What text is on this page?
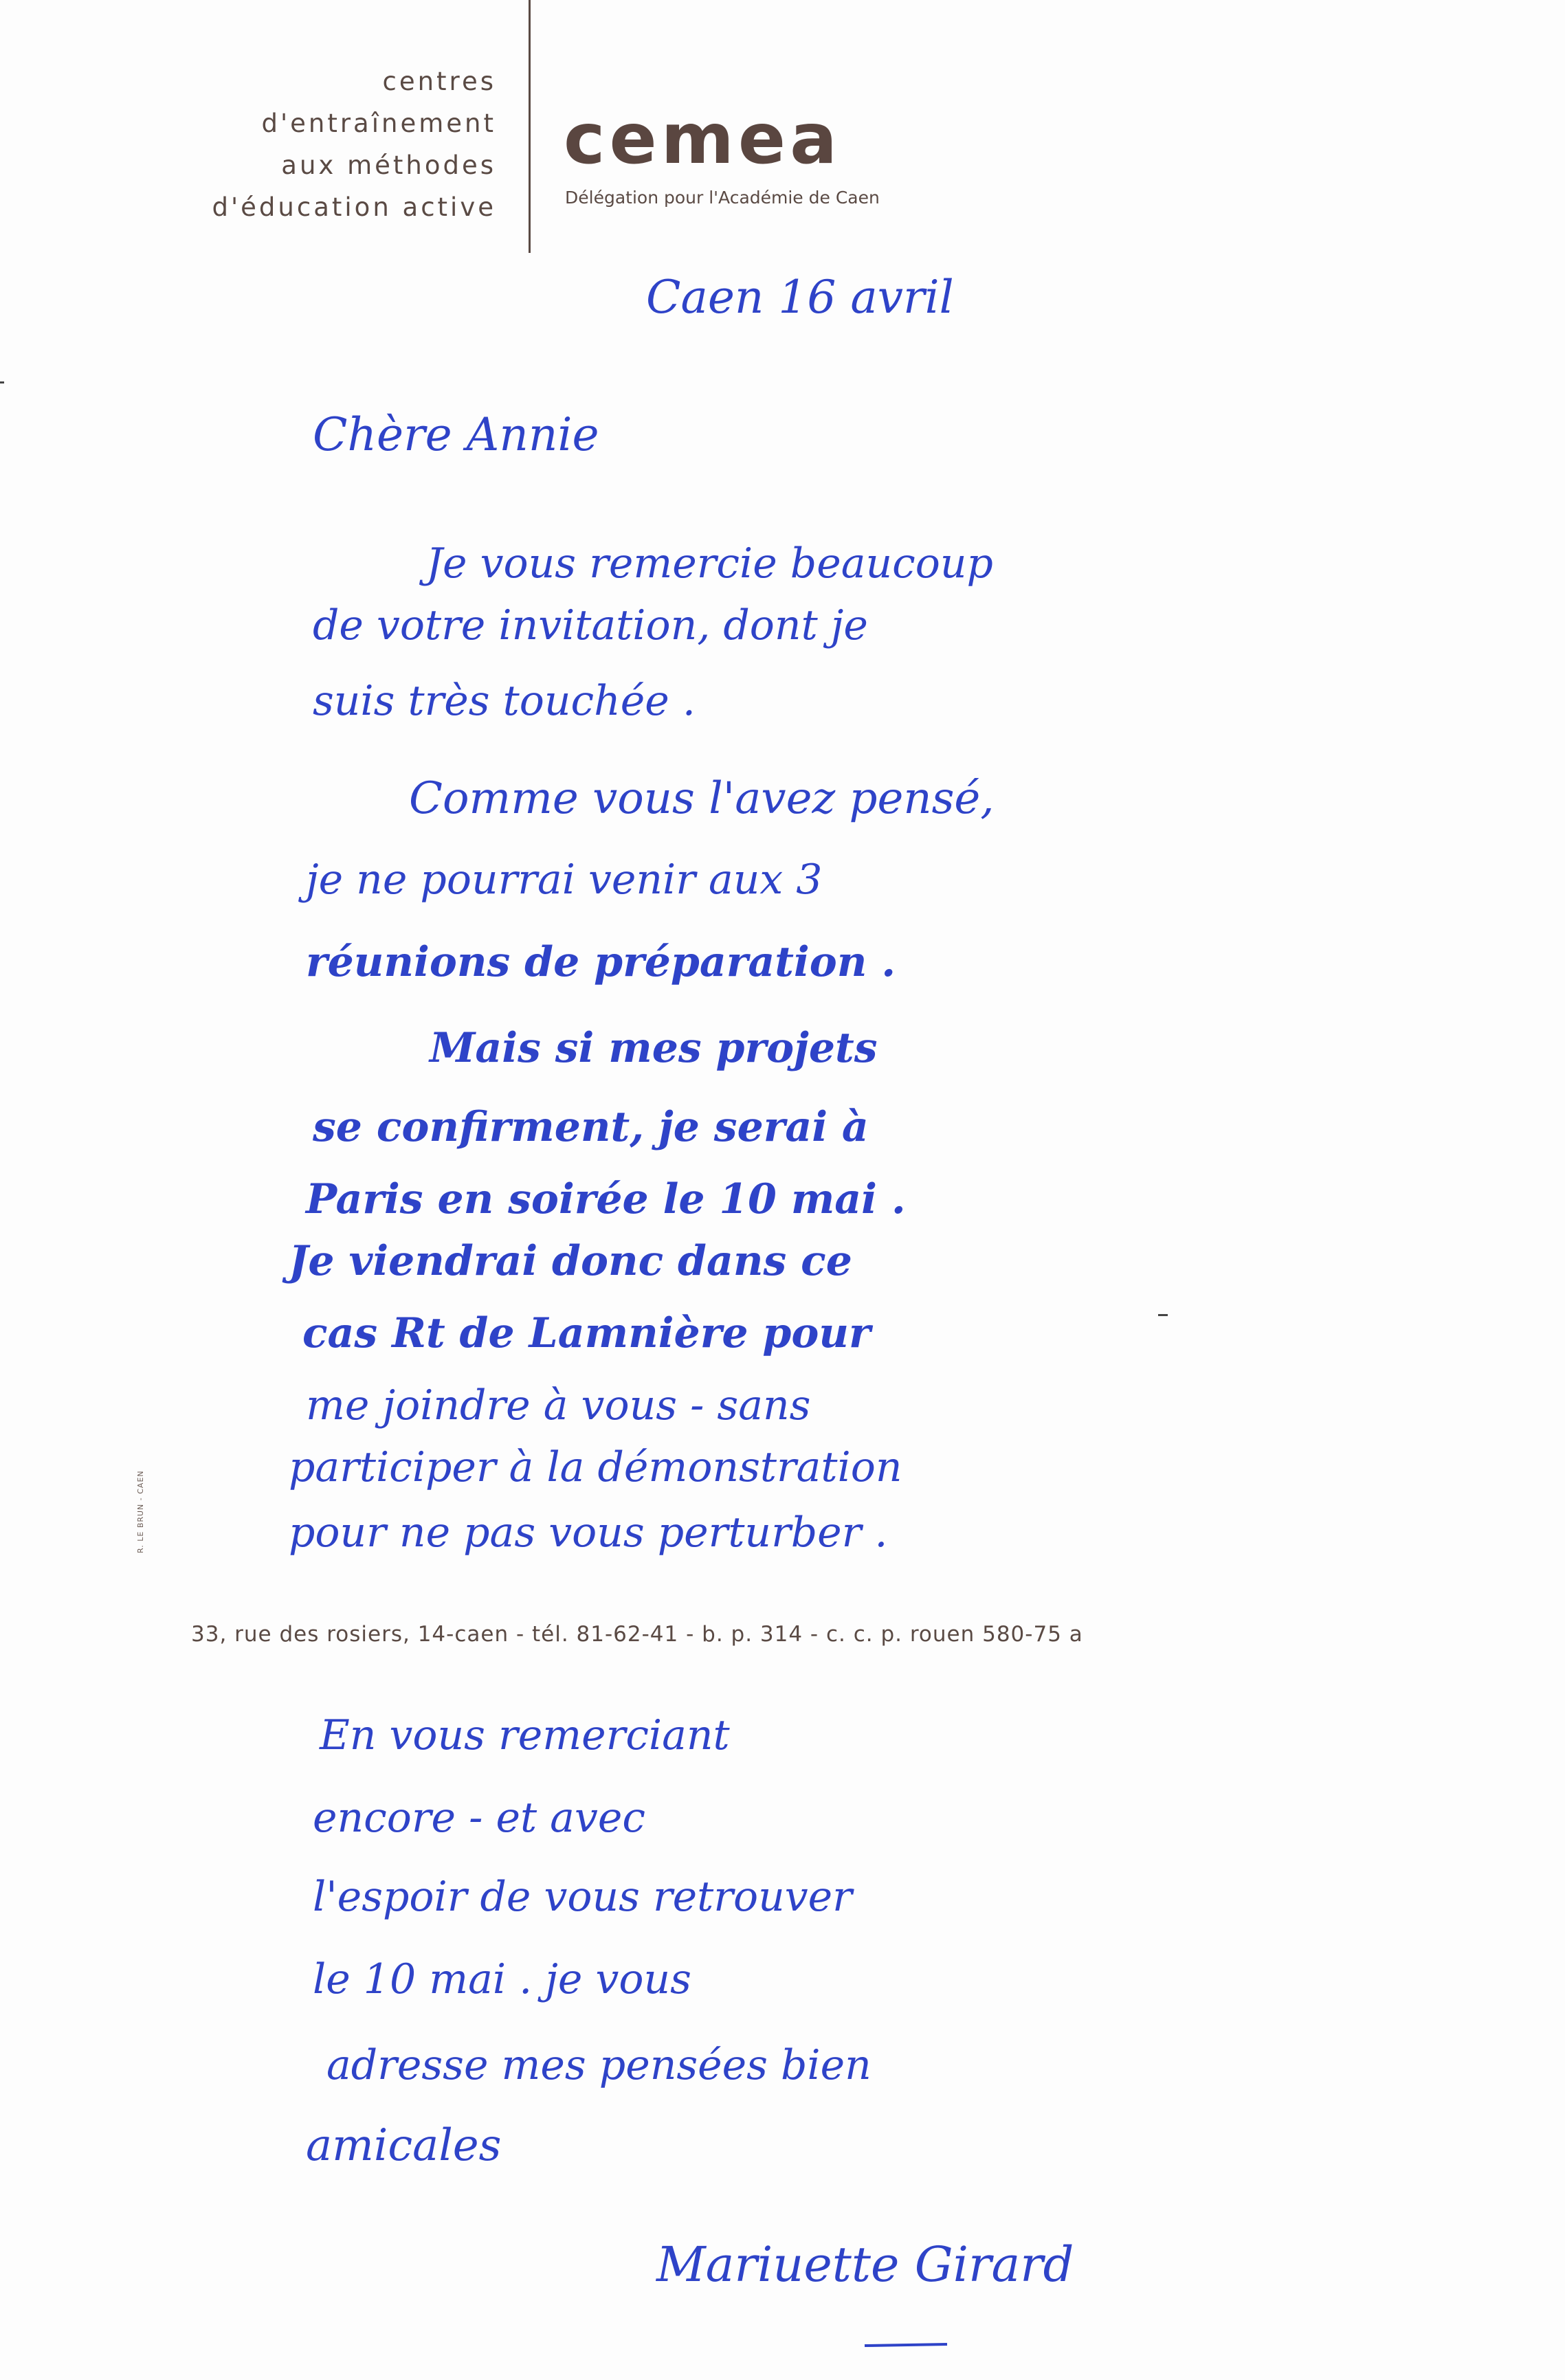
centres
d'entraînement
aux méthodes
d'éducation active
cemea
Délégation pour l'Académie de Caen
R. LE BRUN - CAEN
Caen 16 avril
Chère Annie
Je vous remercie beaucoup
de votre invitation, dont je
suis très touchée .
Comme vous l'avez pensé,
je ne pourrai venir aux 3
réunions de préparation .
Mais si mes projets
se confirment, je serai à
Paris en soirée le 10 mai .
Je viendrai donc dans ce
cas Rt de Lamnière pour
me joindre à vous - sans
participer à la démonstration
pour ne pas vous perturber .
33, rue des rosiers, 14-caen - tél. 81-62-41 - b. p. 314 - c. c. p. rouen 580-75 a
En vous remerciant
encore - et avec
l'espoir de vous retrouver
le 10 mai . je vous
adresse mes pensées bien
amicales
Mariuette Girard
